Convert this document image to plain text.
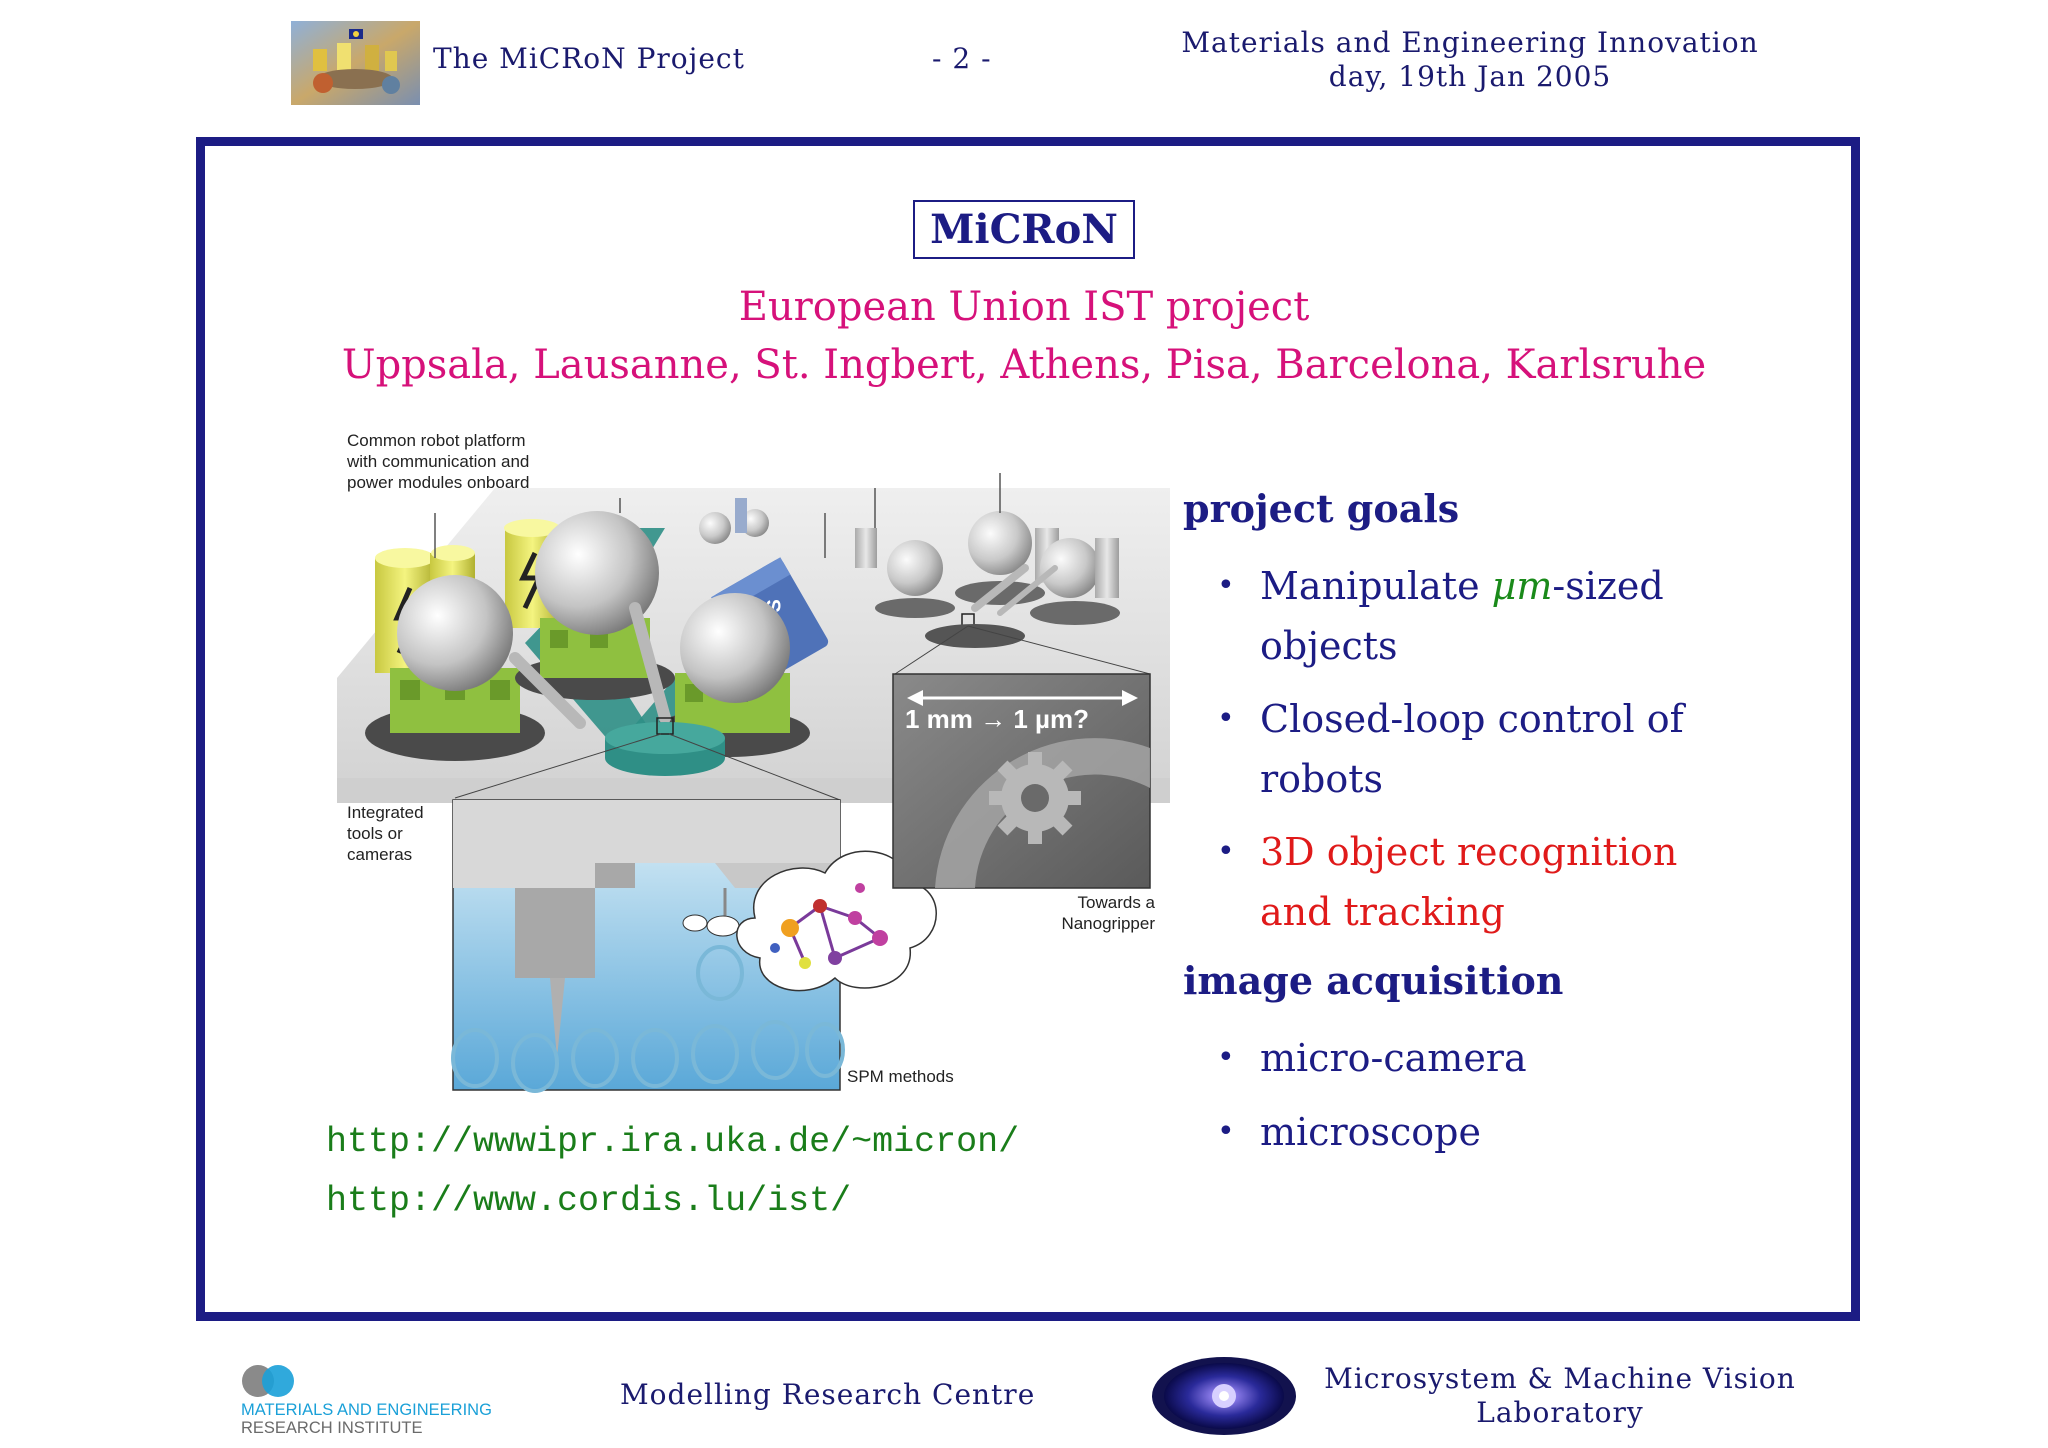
The MiCRoN Project	- 2 -	Materials and Engineering Innovation
day, 19th Jan 2005
MiCRoN
European Union IST project
Uppsala, Lausanne, St. Ingbert, Athens, Pisa, Barcelona, Karlsruhe
1 mm → 1 µm?
Common robot platform
with communication and
power modules onboard
Integrated
tools or
cameras
Towards a
Nanogripper
SPM methods
http://wwwipr.ira.uka.de/~micron/
http://www.cordis.lu/ist/
project goals
• Manipulate µm-sized
objects
• Closed-loop control of
robots
• 3D object recognition
and tracking
image acquisition
• micro-camera
• microscope
MATERIALS AND ENGINEERING
RESEARCH INSTITUTE
Modelling Research Centre	Microsystem & Machine Vision
Laboratory
